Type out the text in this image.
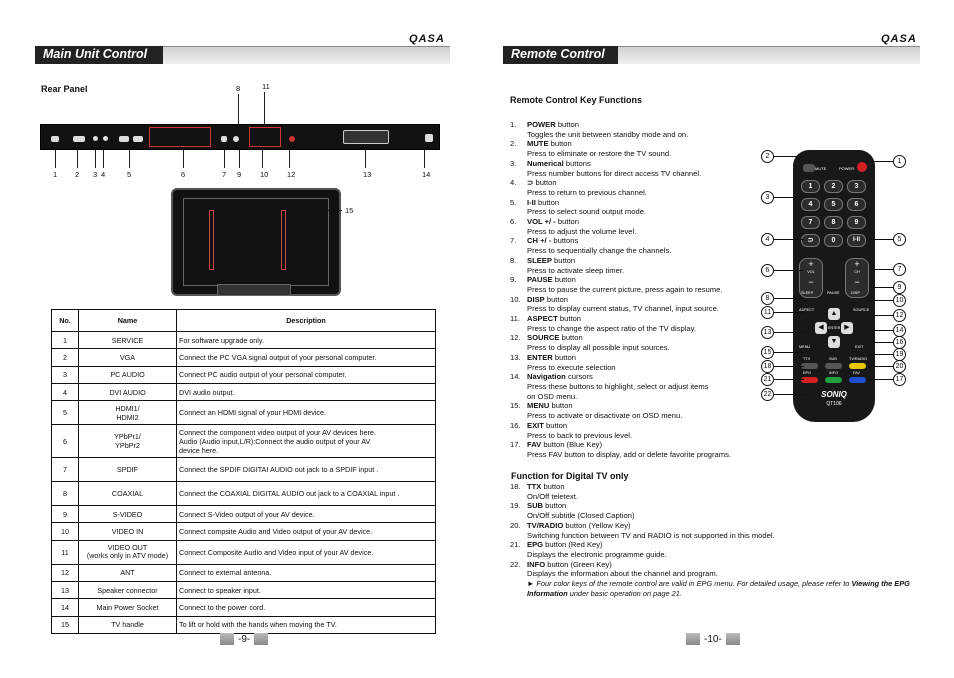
QASA
Main Unit Control
Rear Panel
1 2 3 4	5	6	7
8
9	10
11
12	13	14
15
No.	Name	Description
1	SERVICE	For software upgrade only.
2	VGA	Connect the PC VGA signal output of your personal computer.
3	PC AUDIO	Connect PC audio output of your personal computer.
4	DVI AUDIO	DVI audio output.
5	HDMI1/
HDMI2	Connect an HDMI signal of your HDMI device.
6	YPbPr1/
YPbPr2	Connect the component video output of your AV devices here.
Audio (Audio input,L/R):Connect the audio output of your AV
device here.
7	SPDIF	Connect the SPDIF DIGITAI AUDIO out jack to a SPDIF input .
8	COAXIAL	Connect the COAXIAL DIGITAL AUDIO out jack to a COAXIAL input .
9	S-VIDEO	Connect S-Video output of your AV device.
10	VIDEO IN	Connect compsite Audio and Video output of your AV device.
11	VIDEO OUT
(works only in ATV mode)	Connect Composite Audio and Video input of your AV device.
12	ANT	Connect to external antenna.
13	Speaker connector	Connect to speaker input.
14	Main Power Socket	Connect to the power cord.
15	TV handle	To lift or hold with the hands when moving the TV.
-9-
QASA
Remote Control
Remote Control Key Functions
1.	POWER button
Toggles the unit between standby mode and on.
2.	MUTE button
Press to eliminate or restore the TV sound.
3.	Numerical buttons
Press number buttons for direct access TV channel.
4.	⊃ button
Press to return to previous channel.
5.	I-II button
Press to select sound output mode.
6.	VOL +/ - button
Press to adjust the volume level.
7.	CH +/ - buttons
Press to sequentially change the channels.
8.	SLEEP button
Press to activate sleep timer.
9.	PAUSE button
Press to pause the current picture, press again to resume.
10. DISP button
Press to display current status, TV channel, input source.
11. ASPECT button
Press to change the aspect ratio of the TV display.
12. SOURCE button
Press to display all possible input sources.
13. ENTER button
Press to execute selection
14. Navigation cursors
Press these buttons to highlight, select or adjust items
on OSD menu.
15. MENU button
Press to activate or disactivate on OSD menu.
16. EXIT button
Press to back to previous level.
17. FAV button (Blue Key)
Press FAV button to display, add or delete favorite programs.
Function for Digital TV only
18. TTX button
On/Off teletext.
19. SUB button
On/Off subtitle (Closed Caption)
20. TV/RADIO button (Yellow Key)
Switching function between TV and RADIO is not supported in this model.
21. EPG button (Red Key)
Displays the electronic programme guide.
22. INFO button (Green Key)
Displays the information about the channel and program.
► Four color keys of the remote control are valid in EPG menu. For detailed usage, please refer to Viewing the EPG Information under basic operation on page 21.
MUTE	POWER
1	2	3
4	5	6
7	8	9
0
⊃	I-II
+
VOL
−
+
CH
−
SLEEP	PAUSE	DISP
ASPECT	SOURCE
▲
◀	ENTER ▶
▼
MENU	EXIT
TTX	SUB	TV/RADIO
EPG	INFO	FAV
SONIQ
QT106
1
2
3
4	5
6	7
8
9
10
11	12
13	14
15
16
17
18
19
20
21
22
-10-
